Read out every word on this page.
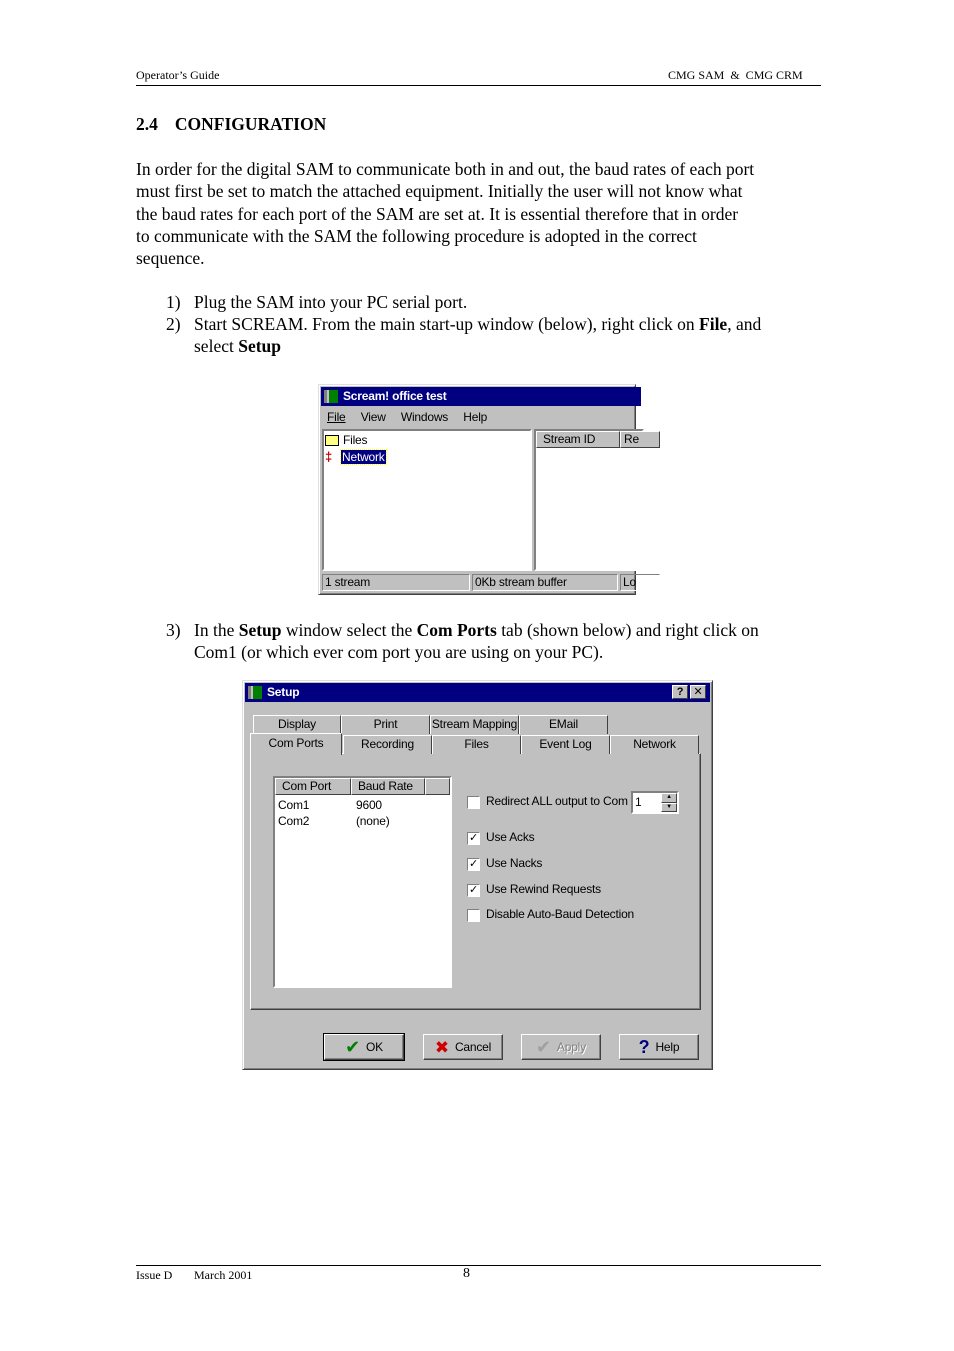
Operator’s Guide	CMG SAM  &  CMG CRM
2.4 CONFIGURATION
In order for the digital SAM to communicate both in and out, the baud rates of each port
must first be set to match the attached equipment. Initially the user will not know what
the baud rates for each port of the SAM are set at. It is essential therefore that in order
to communicate with the SAM the following procedure is adopted in the correct
sequence.
1) Plug the SAM into your PC serial port.
2) Start SCREAM. From the main start-up window (below), right click on File, and
select Setup
Scream! office test
File View Windows Help
Files
‡ Network
Stream ID	Re
1 stream	0Kb stream buffer	Lo
3) In the Setup window select the Com Ports tab (shown below) and right click on
Com1 (or which ever com port you are using on your PC).
Setup	? ✕
Display	Print	Stream Mapping	EMail
Com Port	Baud Rate
Com1	9600
Com2	(none)
Redirect ALL output to Com 1	▲
▼
✓ Use Acks
✓ Use Nacks
✓ Use Rewind Requests
Disable Auto-Baud Detection
Com Ports	Recording	Files	Event Log	Network
✔ OK	✖ Cancel ✔ Apply	? Help
Issue D March 2001	8
